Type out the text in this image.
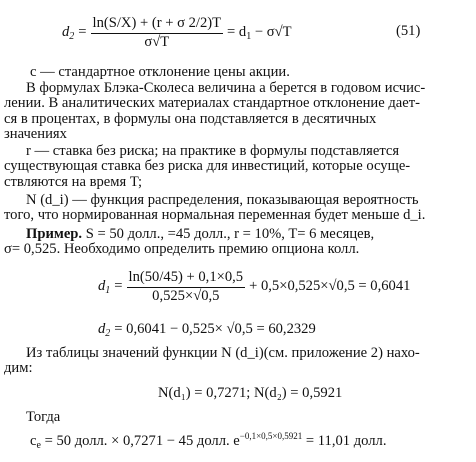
$d_2 = \frac{\ln(S/X) + (r + \sigma 2/2)T}{\sigma√T} = d_1 - \sigma√T$	(51)
с — стандартное отклонение цены акции.
В формулах Блэка-Сколеса величина а берется в годовом исчис-
лении. В аналитических материалах стандартное отклонение дает-
ся в процентах, в формулы она подставляется в десятичных
значениях
r — ставка без риска; на практике в формулы подставляется
существующая ставка без риска для инвестиций, которые осуще-
ствляются на время T;
N (d_i) — функция распределения, показывающая вероятность
того, что нормированная нормальная переменная будет меньше d_i.
Пример. S = 50 долл., =45 долл., r = 10%, T= 6 месяцев,
σ= 0,525. Необходимо определить премию опциона колл.
$d_1 = \frac{\ln(50/45) + 0,1\times 0,5}{0,525\times√0,5} + 0,5\times 0,525\times√0,5 = 0,6041$
$d_2 = 0,6041 - 0,525\times √0,5 = 60,2329$
Из таблицы значений функции N (d_i)(см. приложение 2) нахо-
дим:
N(d₁) = 0,7271; N(d₂) = 0,5921
Тогда
$c_e = 50$ долл. × 0,7271 − 45 долл. $e^{-0,1\times 0,5\times 0,5921} = 11,01$ долл.
